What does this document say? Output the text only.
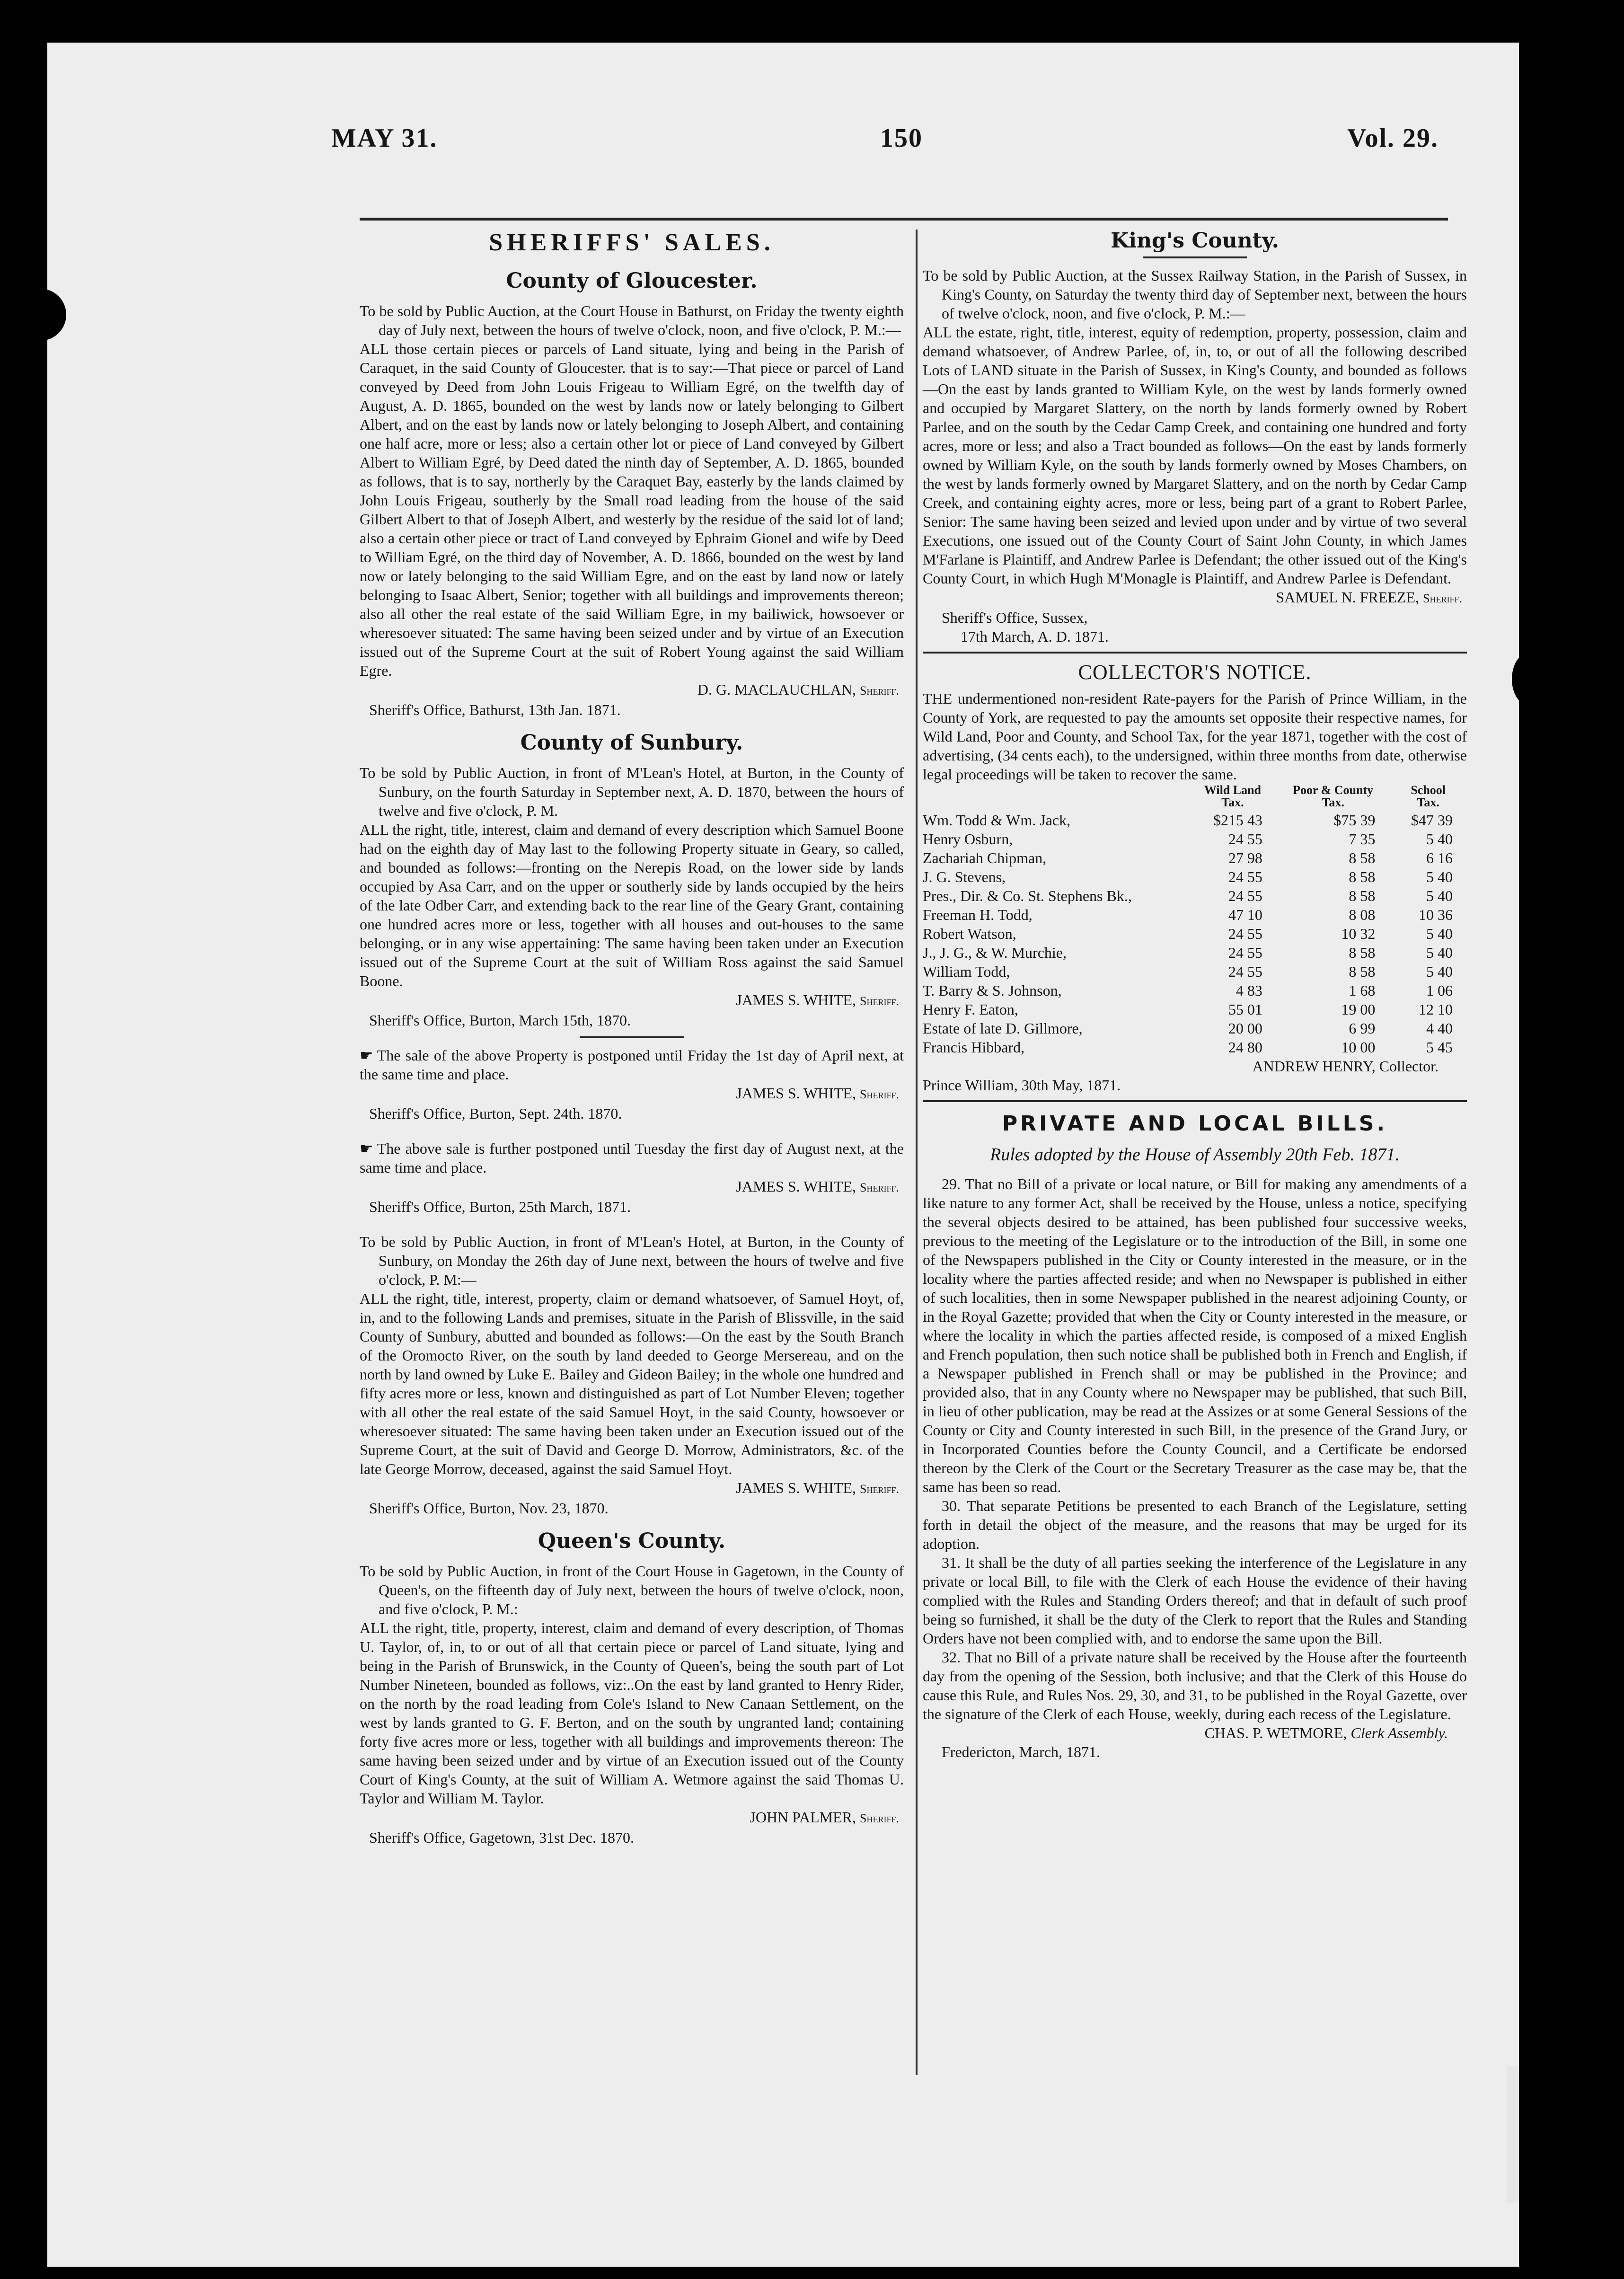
MAY 31.	150	Vol. 29.
SHERIFFS' SALES.
County of Gloucester.

To be sold by Public Auction, at the Court House in Bathurst, on Friday the twenty eighth day of July next, between the hours of twelve o'clock, noon, and five o'clock, P. M.:—

ALL those certain pieces or parcels of Land situate, lying and being in the Parish of Caraquet, in the said County of Gloucester. that is to say:—That piece or parcel of Land conveyed by Deed from John Louis Frigeau to William Egré, on the twelfth day of August, A. D. 1865, bounded on the west by lands now or lately belonging to Gilbert Albert, and on the east by lands now or lately belonging to Joseph Albert, and containing one half acre, more or less; also a certain other lot or piece of Land conveyed by Gilbert Albert to William Egré, by Deed dated the ninth day of September, A. D. 1865, bounded as follows, that is to say, northerly by the Caraquet Bay, easterly by the lands claimed by John Louis Frigeau, southerly by the Small road leading from the house of the said Gilbert Albert to that of Joseph Albert, and westerly by the residue of the said lot of land; also a certain other piece or tract of Land conveyed by Ephraim Gionel and wife by Deed to William Egré, on the third day of November, A. D. 1866, bounded on the west by land now or lately belonging to the said William Egre, and on the east by land now or lately belonging to Isaac Albert, Senior; together with all buildings and improvements thereon; also all other the real estate of the said William Egre, in my bailiwick, howsoever or wheresoever situated: The same having been seized under and by virtue of an Execution issued out of the Supreme Court at the suit of Robert Young against the said William Egre.

D. G. MACLAUCHLAN, Sheriff.
Sheriff's Office, Bathurst, 13th Jan. 1871.
County of Sunbury.

To be sold by Public Auction, in front of M'Lean's Hotel, at Burton, in the County of Sunbury, on the fourth Saturday in September next, A. D. 1870, between the hours of twelve and five o'clock, P. M.

ALL the right, title, interest, claim and demand of every description which Samuel Boone had on the eighth day of May last to the following Property situate in Geary, so called, and bounded as follows:—fronting on the Nerepis Road, on the lower side by lands occupied by Asa Carr, and on the upper or southerly side by lands occupied by the heirs of the late Odber Carr, and extending back to the rear line of the Geary Grant, containing one hundred acres more or less, together with all houses and out-houses to the same belonging, or in any wise appertaining: The same having been taken under an Execution issued out of the Supreme Court at the suit of William Ross against the said Samuel Boone.

JAMES S. WHITE, Sheriff.
Sheriff's Office, Burton, March 15th, 1870.

☛ The sale of the above Property is postponed until Friday the 1st day of April next, at the same time and place.

JAMES S. WHITE, Sheriff.
Sheriff's Office, Burton, Sept. 24th. 1870.

☛ The above sale is further postponed until Tuesday the first day of August next, at the same time and place.

JAMES S. WHITE, Sheriff.
Sheriff's Office, Burton, 25th March, 1871.

To be sold by Public Auction, in front of M'Lean's Hotel, at Burton, in the County of Sunbury, on Monday the 26th day of June next, between the hours of twelve and five o'clock, P. M:—

ALL the right, title, interest, property, claim or demand whatsoever, of Samuel Hoyt, of, in, and to the following Lands and premises, situate in the Parish of Blissville, in the said County of Sunbury, abutted and bounded as follows:—On the east by the South Branch of the Oromocto River, on the south by land deeded to George Mersereau, and on the north by land owned by Luke E. Bailey and Gideon Bailey; in the whole one hundred and fifty acres more or less, known and distinguished as part of Lot Number Eleven; together with all other the real estate of the said Samuel Hoyt, in the said County, howsoever or wheresoever situated: The same having been taken under an Execution issued out of the Supreme Court, at the suit of David and George D. Morrow, Administrators, &c. of the late George Morrow, deceased, against the said Samuel Hoyt.

JAMES S. WHITE, Sheriff.
Sheriff's Office, Burton, Nov. 23, 1870.
Queen's County.

To be sold by Public Auction, in front of the Court House in Gagetown, in the County of Queen's, on the fifteenth day of July next, between the hours of twelve o'clock, noon, and five o'clock, P. M.:

ALL the right, title, property, interest, claim and demand of every description, of Thomas U. Taylor, of, in, to or out of all that certain piece or parcel of Land situate, lying and being in the Parish of Brunswick, in the County of Queen's, being the south part of Lot Number Nineteen, bounded as follows, viz:..On the east by land granted to Henry Rider, on the north by the road leading from Cole's Island to New Canaan Settlement, on the west by lands granted to G. F. Berton, and on the south by ungranted land; containing forty five acres more or less, together with all buildings and improvements thereon: The same having been seized under and by virtue of an Execution issued out of the County Court of King's County, at the suit of William A. Wetmore against the said Thomas U. Taylor and William M. Taylor.

JOHN PALMER, Sheriff.
Sheriff's Office, Gagetown, 31st Dec. 1870.
King's County.

To be sold by Public Auction, at the Sussex Railway Station, in the Parish of Sussex, in King's County, on Saturday the twenty third day of September next, between the hours of twelve o'clock, noon, and five o'clock, P. M.:—

ALL the estate, right, title, interest, equity of redemption, property, possession, claim and demand whatsoever, of Andrew Parlee, of, in, to, or out of all the following described Lots of LAND situate in the Parish of Sussex, in King's County, and bounded as follows—On the east by lands granted to William Kyle, on the west by lands formerly owned and occupied by Margaret Slattery, on the north by lands formerly owned by Robert Parlee, and on the south by the Cedar Camp Creek, and containing one hundred and forty acres, more or less; and also a Tract bounded as follows—On the east by lands formerly owned by William Kyle, on the south by lands formerly owned by Moses Chambers, on the west by lands formerly owned by Margaret Slattery, and on the north by Cedar Camp Creek, and containing eighty acres, more or less, being part of a grant to Robert Parlee, Senior: The same having been seized and levied upon under and by virtue of two several Executions, one issued out of the County Court of Saint John County, in which James M'Farlane is Plaintiff, and Andrew Parlee is Defendant; the other issued out of the King's County Court, in which Hugh M'Monagle is Plaintiff, and Andrew Parlee is Defendant.

SAMUEL N. FREEZE, Sheriff.
Sheriff's Office, Sussex,
17th March, A. D. 1871.
COLLECTOR'S NOTICE.

THE undermentioned non-resident Rate-payers for the Parish of Prince William, in the County of York, are requested to pay the amounts set opposite their respective names, for Wild Land, Poor and County, and School Tax, for the year 1871, together with the cost of advertising, (34 cents each), to the undersigned, within three months from date, otherwise legal proceedings will be taken to recover the same.

	Wild Land
Tax.	Poor & County
Tax.	School
Tax.
Wm. Todd & Wm. Jack,	$215 43	$75 39	$47 39
Henry Osburn,	24 55	7 35	5 40
Zachariah Chipman,	27 98	8 58	6 16
J. G. Stevens,	24 55	8 58	5 40
Pres., Dir. & Co. St. Stephens Bk.,	24 55	8 58	5 40
Freeman H. Todd,	47 10	8 08	10 36
Robert Watson,	24 55	10 32	5 40
J., J. G., & W. Murchie,	24 55	8 58	5 40
William Todd,	24 55	8 58	5 40
T. Barry & S. Johnson,	4 83	1 68	1 06
Henry F. Eaton,	55 01	19 00	12 10
Estate of late D. Gillmore,	20 00	6 99	4 40
Francis Hibbard,	24 80	10 00	5 45
ANDREW HENRY, Collector.
Prince William, 30th May, 1871.
PRIVATE AND LOCAL BILLS.
Rules adopted by the House of Assembly 20th Feb. 1871.

29. That no Bill of a private or local nature, or Bill for making any amendments of a like nature to any former Act, shall be received by the House, unless a notice, specifying the several objects desired to be attained, has been published four successive weeks, previous to the meeting of the Legislature or to the introduction of the Bill, in some one of the Newspapers published in the City or County interested in the measure, or in the locality where the parties affected reside; and when no Newspaper is published in either of such localities, then in some Newspaper published in the nearest adjoining County, or in the Royal Gazette; provided that when the City or County interested in the measure, or where the locality in which the parties affected reside, is composed of a mixed English and French population, then such notice shall be published both in French and English, if a Newspaper published in French shall or may be published in the Province; and provided also, that in any County where no Newspaper may be published, that such Bill, in lieu of other publication, may be read at the Assizes or at some General Sessions of the County or City and County interested in such Bill, in the presence of the Grand Jury, or in Incorporated Counties before the County Council, and a Certificate be endorsed thereon by the Clerk of the Court or the Secretary Treasurer as the case may be, that the same has been so read.

30. That separate Petitions be presented to each Branch of the Legislature, setting forth in detail the object of the measure, and the reasons that may be urged for its adoption.

31. It shall be the duty of all parties seeking the interference of the Legislature in any private or local Bill, to file with the Clerk of each House the evidence of their having complied with the Rules and Standing Orders thereof; and that in default of such proof being so furnished, it shall be the duty of the Clerk to report that the Rules and Standing Orders have not been complied with, and to endorse the same upon the Bill.

32. That no Bill of a private nature shall be received by the House after the fourteenth day from the opening of the Session, both inclusive; and that the Clerk of this House do cause this Rule, and Rules Nos. 29, 30, and 31, to be published in the Royal Gazette, over the signature of the Clerk of each House, weekly, during each recess of the Legislature.

CHAS. P. WETMORE, Clerk Assembly.
Fredericton, March, 1871.
